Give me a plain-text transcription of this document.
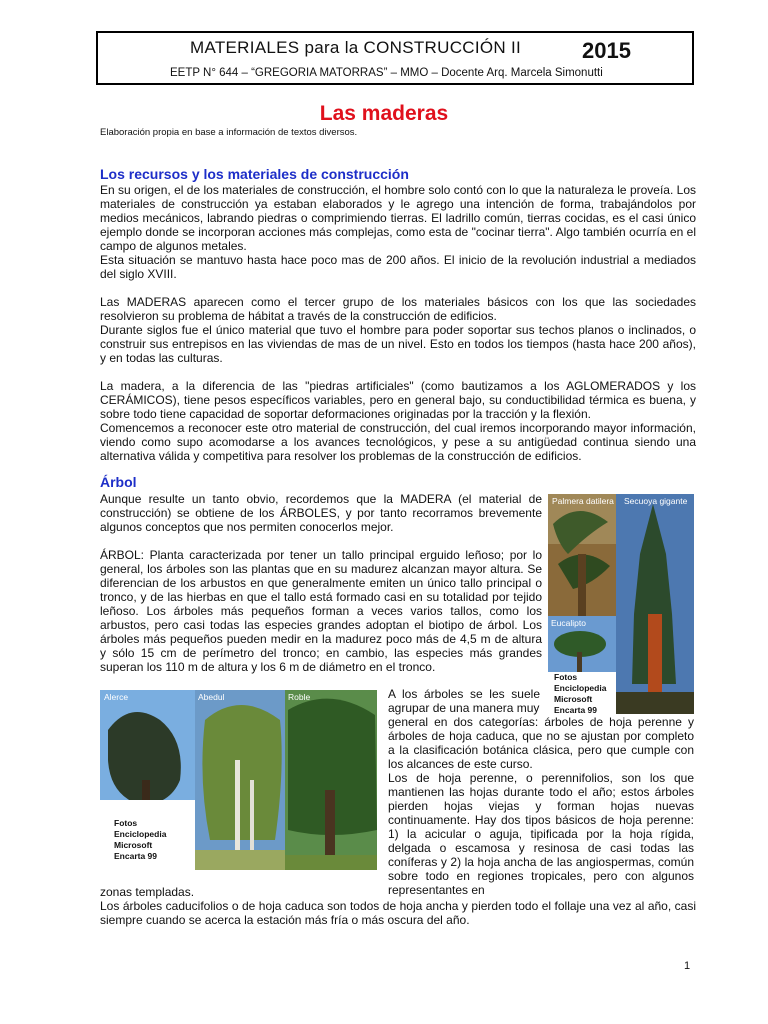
MATERIALES para la CONSTRUCCIÓN II	2015
EETP N° 644 – “GREGORIA MATORRAS” – MMO – Docente Arq. Marcela Simonutti
Las maderas
Elaboración propia en base a información de textos diversos.
Los recursos y los materiales de construcción

En su origen, el de los materiales de construcción, el hombre solo contó con lo que la naturaleza le proveía. Los materiales de construcción ya estaban elaborados y le agrego una intención de forma, trabajándolos por medios mecánicos, labrando piedras o comprimiendo tierras. El ladrillo común, tierras cocidas, es el casi único ejemplo donde se incorporan acciones más complejas, como esta de "cocinar tierra". Algo también ocurría en el campo de algunos metales.

Esta situación se mantuvo hasta hace poco mas de 200 años. El inicio de la revolución industrial a mediados del siglo XVIII.

Las MADERAS aparecen como el tercer grupo de los materiales básicos con los que las sociedades resolvieron su problema de hábitat a través de la construcción de edificios.

Durante siglos fue el único material que tuvo el hombre para poder soportar sus techos planos o inclinados, o construir sus entrepisos en las viviendas de mas de un nivel. Esto en todos los tiempos (hasta hace 200 años), y en todas las culturas.

La madera, a la diferencia de las "piedras artificiales" (como bautizamos a los AGLOMERADOS y los CERÁMICOS), tiene pesos específicos variables, pero en general bajo, su conductibilidad térmica es buena, y sobre todo tiene capacidad de soportar deformaciones originadas por la tracción y la flexión.

Comencemos a reconocer este otro material de construcción, del cual iremos incorporando mayor información, viendo como supo acomodarse a los avances tecnológicos, y pese a su antigüedad continua siendo una alternativa válida y competitiva para resolver los problemas de la construcción de edificios.

Árbol

Aunque resulte un tanto obvio, recordemos que la MADERA (el material de construcción) se obtiene de los ÁRBOLES, y por tanto recorramos brevemente algunos conceptos que nos permiten conocerlos mejor.

ÁRBOL: Planta caracterizada por tener un tallo principal erguido leñoso; por lo general, los árboles son las plantas que en su madurez alcanzan mayor altura. Se diferencian de los arbustos en que generalmente emiten un único tallo principal o tronco, y de las hierbas en que el tallo está formado casi en su totalidad por tejido leñoso. Los árboles más pequeños forman a veces varios tallos, como los arbustos, pero casi todas las especies grandes adoptan el biotipo de árbol. Los árboles más pequeños pueden medir en la madurez poco más de 4,5 m de altura y sólo 15 cm de perímetro del tronco; en cambio, las especies más grandes superan los 110 m de altura y los 6 m de diámetro en el tronco.

Palmera datilera Secuoya gigante
Eucalipto
Fotos
Enciclopedia
Microsoft
Encarta 99
Alerce	Abedul	Roble
Fotos
Enciclopedia
Microsoft
Encarta 99

A los árboles se les suele agrupar de una manera muy

general en dos categorías: árboles de hoja perenne y árboles de hoja caduca, que no se ajustan por completo a la clasificación botánica clásica, pero que cumple con los alcances de este curso.

Los de hoja perenne, o perennifolios, son los que mantienen las hojas durante todo el año; estos árboles pierden hojas viejas y forman hojas nuevas continuamente. Hay dos tipos básicos de hoja perenne: 1) la acicular o aguja, tipificada por la hoja rígida, delgada o escamosa y resinosa de casi todas las coníferas y 2) la hoja ancha de las angiospermas, común sobre todo en regiones tropicales, pero con algunos representantes en

zonas templadas.

Los árboles caducifolios o de hoja caduca son todos de hoja ancha y pierden todo el follaje una vez al año, casi siempre cuando se acerca la estación más fría o más oscura del año.

1
